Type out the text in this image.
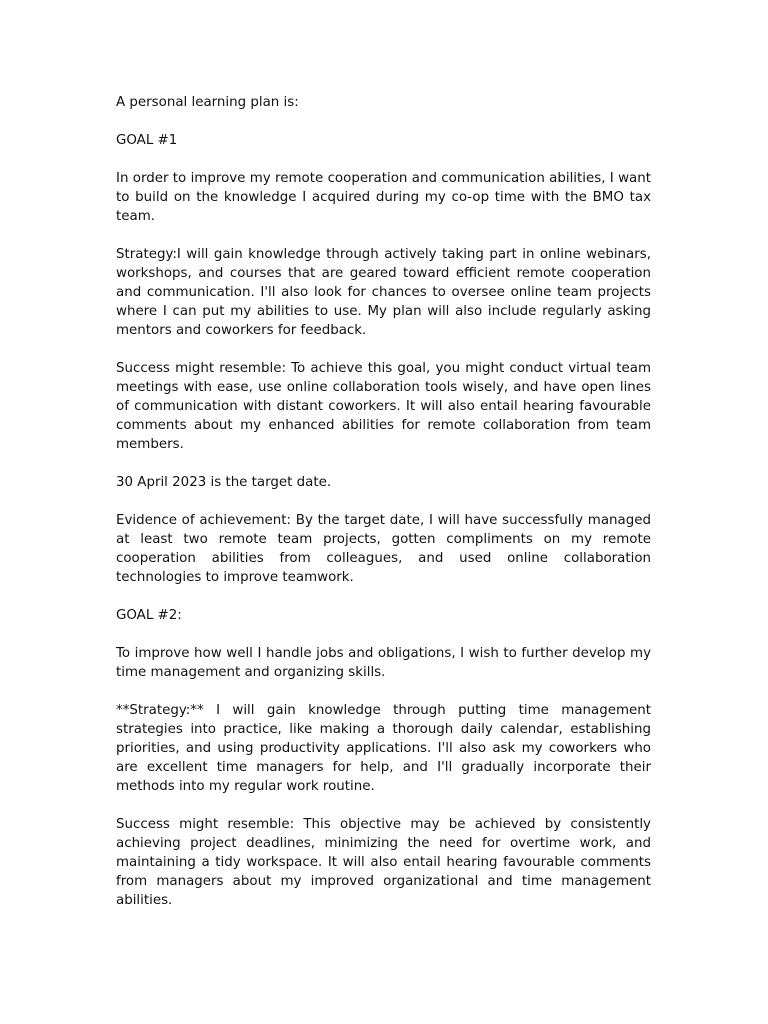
A personal learning plan is:

GOAL #1

In order to improve my remote cooperation and communication abilities, I want to build on the knowledge I acquired during my co-op time with the BMO tax team.

Strategy:I will gain knowledge through actively taking part in online webinars, workshops, and courses that are geared toward efficient remote cooperation and communication. I'll also look for chances to oversee online team projects where I can put my abilities to use. My plan will also include regularly asking mentors and coworkers for feedback.

Success might resemble: To achieve this goal, you might conduct virtual team meetings with ease, use online collaboration tools wisely, and have open lines of communication with distant coworkers. It will also entail hearing favourable comments about my enhanced abilities for remote collaboration from team members.

30 April 2023 is the target date.

Evidence of achievement: By the target date, I will have successfully managed at least two remote team projects, gotten compliments on my remote cooperation abilities from colleagues, and used online collaboration technologies to improve teamwork.

GOAL #2:

To improve how well I handle jobs and obligations, I wish to further develop my time management and organizing skills.

**Strategy:** I will gain knowledge through putting time management strategies into practice, like making a thorough daily calendar, establishing priorities, and using productivity applications. I'll also ask my coworkers who are excellent time managers for help, and I'll gradually incorporate their methods into my regular work routine.

Success might resemble: This objective may be achieved by consistently achieving project deadlines, minimizing the need for overtime work, and maintaining a tidy workspace. It will also entail hearing favourable comments from managers about my improved organizational and time management abilities.
